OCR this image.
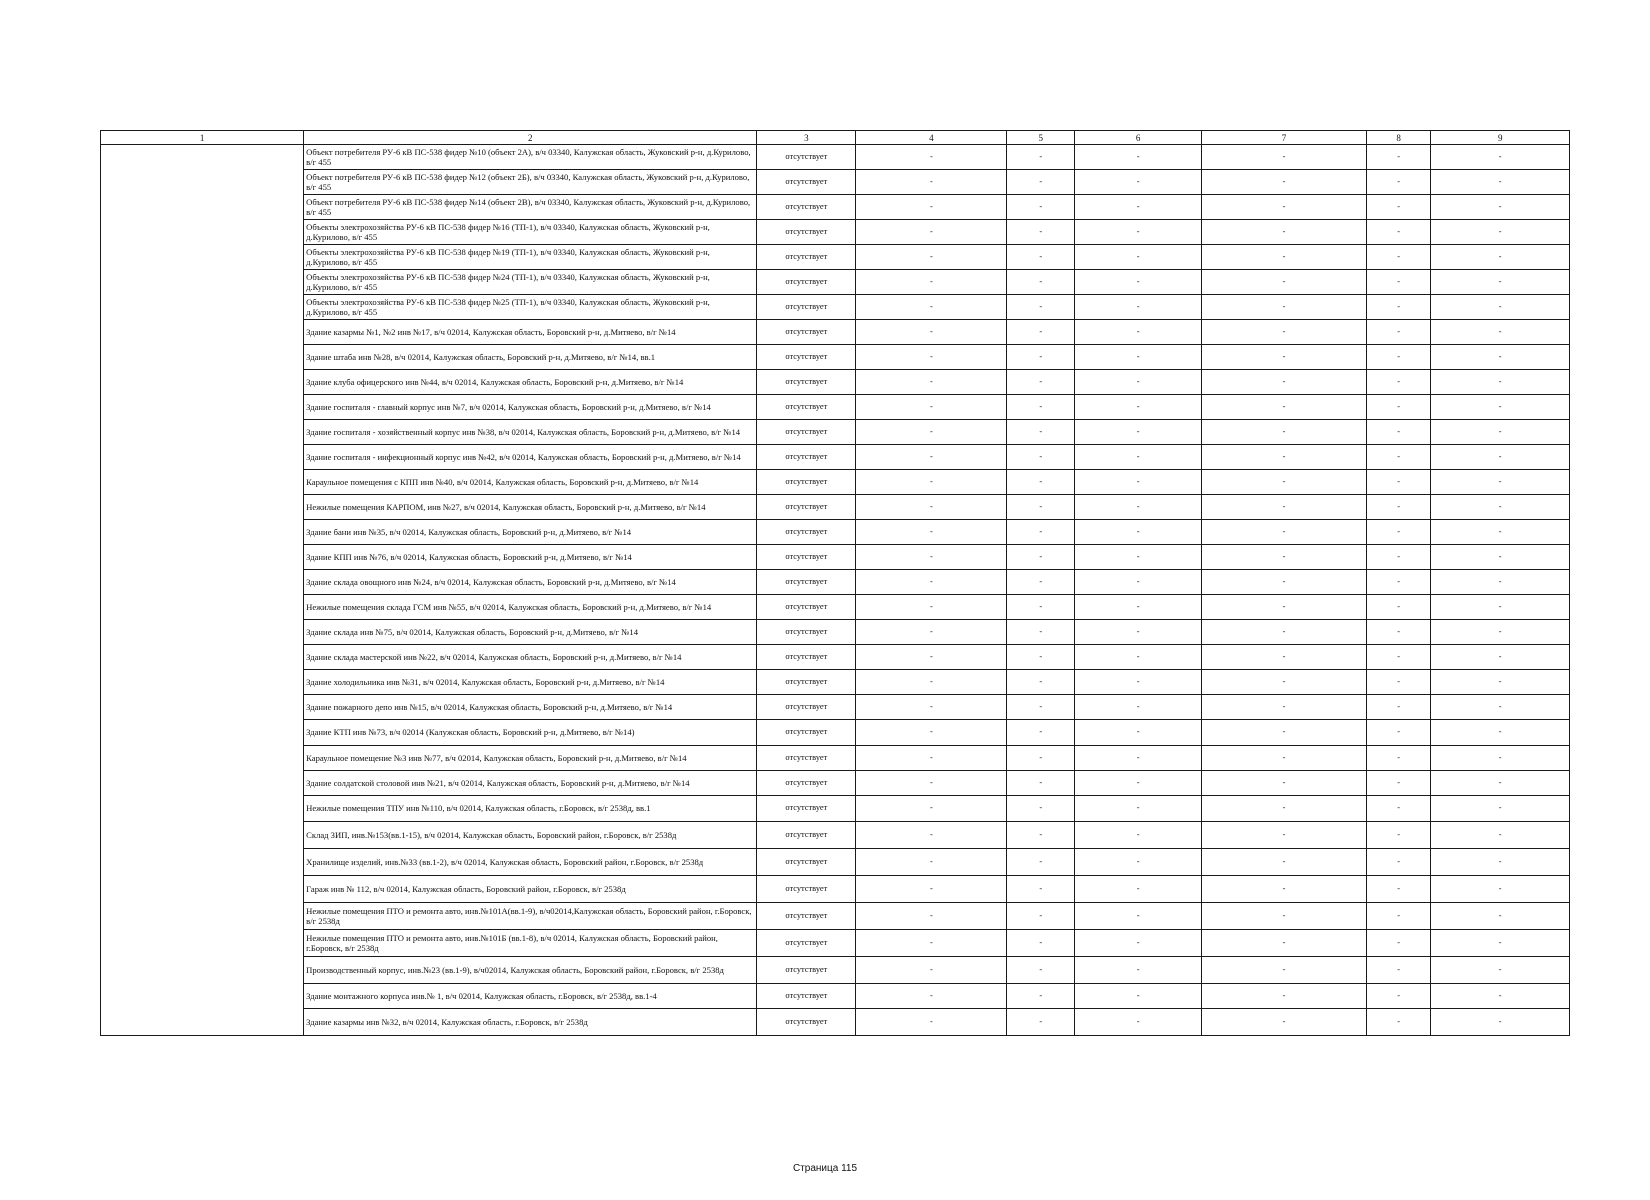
1	2	3	4	5	6	7	8	9
	Объект потребителя РУ-6 кВ ПС-538 фидер №10 (объект 2А), в/ч 03340, Калужская область, Жуковский р-н, д.Курилово, в/г 455	отсутствует	-	-	-	-	-	-
	Объект потребителя РУ-6 кВ ПС-538 фидер №12 (объект 2Б), в/ч 03340, Калужская область, Жуковский р-н, д.Курилово, в/г 455	отсутствует	-	-	-	-	-	-
	Объект потребителя РУ-6 кВ ПС-538 фидер №14 (объект 2В), в/ч 03340, Калужская область, Жуковский р-н, д.Курилово, в/г 455	отсутствует	-	-	-	-	-	-
	Объекты электрохозяйства РУ-6 кВ ПС-538 фидер №16 (ТП-1), в/ч 03340, Калужская область, Жуковский р-н, д.Курилово, в/г 455	отсутствует	-	-	-	-	-	-
	Объекты электрохозяйства РУ-6 кВ ПС-538 фидер №19 (ТП-1), в/ч 03340, Калужская область, Жуковский р-н, д.Курилово, в/г 455	отсутствует	-	-	-	-	-	-
	Объекты электрохозяйства РУ-6 кВ ПС-538 фидер №24 (ТП-1), в/ч 03340, Калужская область, Жуковский р-н, д.Курилово, в/г 455	отсутствует	-	-	-	-	-	-
	Объекты электрохозяйства РУ-6 кВ ПС-538 фидер №25 (ТП-1), в/ч 03340, Калужская область, Жуковский р-н, д.Курилово, в/г 455	отсутствует	-	-	-	-	-	-
	Здание казармы №1, №2 инв №17, в/ч 02014, Калужская область, Боровский р-н, д.Митяево, в/г №14	отсутствует	-	-	-	-	-	-
	Здание штаба инв №28, в/ч 02014, Калужская область, Боровский р-н, д.Митяево, в/г №14, вв.1	отсутствует	-	-	-	-	-	-
	Здание клуба офицерского инв №44, в/ч 02014, Калужская область, Боровский р-н, д.Митяево, в/г №14	отсутствует	-	-	-	-	-	-
	Здание госпиталя - главный корпус инв №7, в/ч 02014, Калужская область, Боровский р-н, д.Митяево, в/г №14	отсутствует	-	-	-	-	-	-
	Здание госпиталя - хозяйственный корпус инв №38, в/ч 02014, Калужская область, Боровский р-н, д.Митяево, в/г №14	отсутствует	-	-	-	-	-	-
	Здание госпиталя - инфекционный корпус инв №42, в/ч 02014, Калужская область, Боровский р-н, д.Митяево, в/г №14	отсутствует	-	-	-	-	-	-
	Караульное помещения с КПП инв №40, в/ч 02014, Калужская область, Боровский р-н, д.Митяево, в/г №14	отсутствует	-	-	-	-	-	-
	Нежилые помещения КАРПОМ, инв №27, в/ч 02014, Калужская область, Боровский р-н, д.Митяево, в/г №14	отсутствует	-	-	-	-	-	-
	Здание бани инв №35, в/ч 02014, Калужская область, Боровский р-н, д.Митяево, в/г №14	отсутствует	-	-	-	-	-	-
	Здание КПП инв №76, в/ч 02014, Калужская область, Боровский р-н, д.Митяево, в/г №14	отсутствует	-	-	-	-	-	-
	Здание склада овощного инв №24, в/ч 02014, Калужская область, Боровский р-н, д.Митяево, в/г №14	отсутствует	-	-	-	-	-	-
	Нежилые помещения склада ГСМ инв №55, в/ч 02014, Калужская область, Боровский р-н, д.Митяево, в/г №14	отсутствует	-	-	-	-	-	-
	Здание склада инв №75, в/ч 02014, Калужская область, Боровский р-н, д.Митяево, в/г №14	отсутствует	-	-	-	-	-	-
	Здание склада мастерской инв №22, в/ч 02014, Калужская область, Боровский р-н, д.Митяево, в/г №14	отсутствует	-	-	-	-	-	-
	Здание холодильника инв №31, в/ч 02014, Калужская область, Боровский р-н, д.Митяево, в/г №14	отсутствует	-	-	-	-	-	-
	Здание пожарного депо инв №15, в/ч 02014, Калужская область, Боровский р-н, д.Митяево, в/г №14	отсутствует	-	-	-	-	-	-
	Здание КТП инв №73, в/ч 02014 (Калужская область, Боровский р-н, д.Митяево, в/г №14)	отсутствует	-	-	-	-	-	-
	Караульное помещение №3 инв №77, в/ч 02014, Калужская область, Боровский р-н, д.Митяево, в/г №14	отсутствует	-	-	-	-	-	-
	Здание солдатской столовой инв №21, в/ч 02014, Калужская область, Боровский р-н, д.Митяево, в/г №14	отсутствует	-	-	-	-	-	-
	Нежилые помещения ТПУ инв №110, в/ч 02014, Калужская область, г.Боровск, в/г 2538д, вв.1	отсутствует	-	-	-	-	-	-
	Склад ЗИП, инв.№153(вв.1-15), в/ч 02014, Калужская область, Боровский район, г.Боровск, в/г 2538д	отсутствует	-	-	-	-	-	-
	Хранилище изделий, инв.№33 (вв.1-2), в/ч 02014, Калужская область, Боровский район, г.Боровск, в/г 2538д	отсутствует	-	-	-	-	-	-
	Гараж инв № 112, в/ч 02014, Калужская область, Боровский район, г.Боровск, в/г 2538д	отсутствует	-	-	-	-	-	-
	Нежилые помещения ПТО и ремонта авто, инв.№101А(вв.1-9), в/ч02014,Калужская область, Боровский район, г.Боровск, в/г 2538д	отсутствует	-	-	-	-	-	-
	Нежилые помещения ПТО и ремонта авто, инв.№101Б (вв.1-8), в/ч 02014, Калужская область, Боровский район, г.Боровск, в/г 2538д	отсутствует	-	-	-	-	-	-
	Производственный корпус, инв.№23 (вв.1-9), в/ч02014, Калужская область, Боровский район, г.Боровск, в/г 2538д	отсутствует	-	-	-	-	-	-
	Здание монтажного корпуса инв.№ 1, в/ч 02014, Калужская область, г.Боровск, в/г 2538д, вв.1-4	отсутствует	-	-	-	-	-	-
	Здание казармы инв №32, в/ч 02014, Калужская область, г.Боровск, в/г 2538д	отсутствует	-	-	-	-	-	-
Страница 115
